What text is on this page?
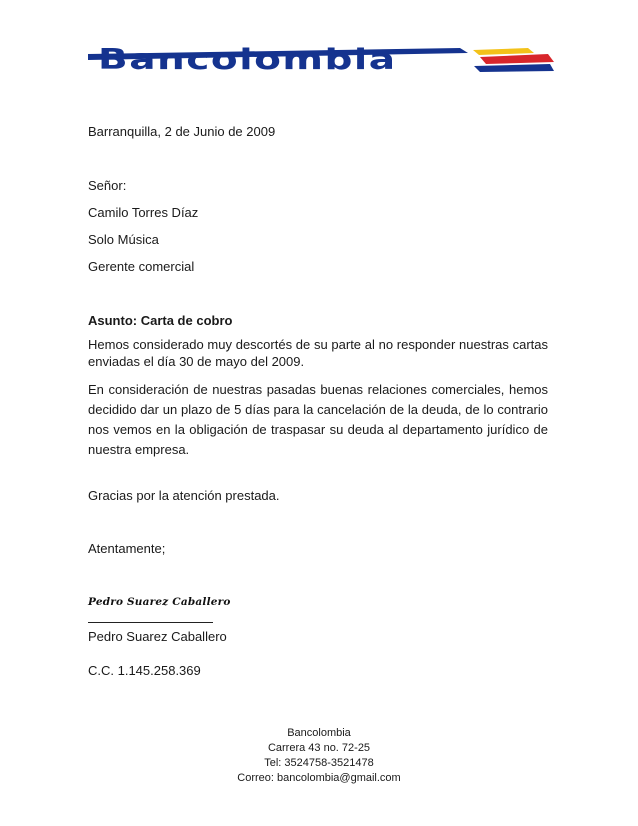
Bancolombia

Barranquilla, 2 de Junio de 2009

Señor:

Camilo Torres Díaz

Solo Música

Gerente comercial

Asunto: Carta de cobro

Hemos considerado muy descortés de su parte al no responder nuestras cartas enviadas el día 30 de mayo del 2009.

En consideración de nuestras pasadas buenas relaciones comerciales, hemos decidido dar un plazo de 5 días para la cancelación de la deuda, de lo contrario nos vemos en la obligación de traspasar su deuda al departamento jurídico de nuestra empresa.

Gracias por la atención prestada.

Atentamente;

Pedro Suarez Caballero

Pedro Suarez Caballero

C.C. 1.145.258.369

Bancolombia
Carrera 43 no. 72-25
Tel: 3524758-3521478
Correo: bancolombia@gmail.com
